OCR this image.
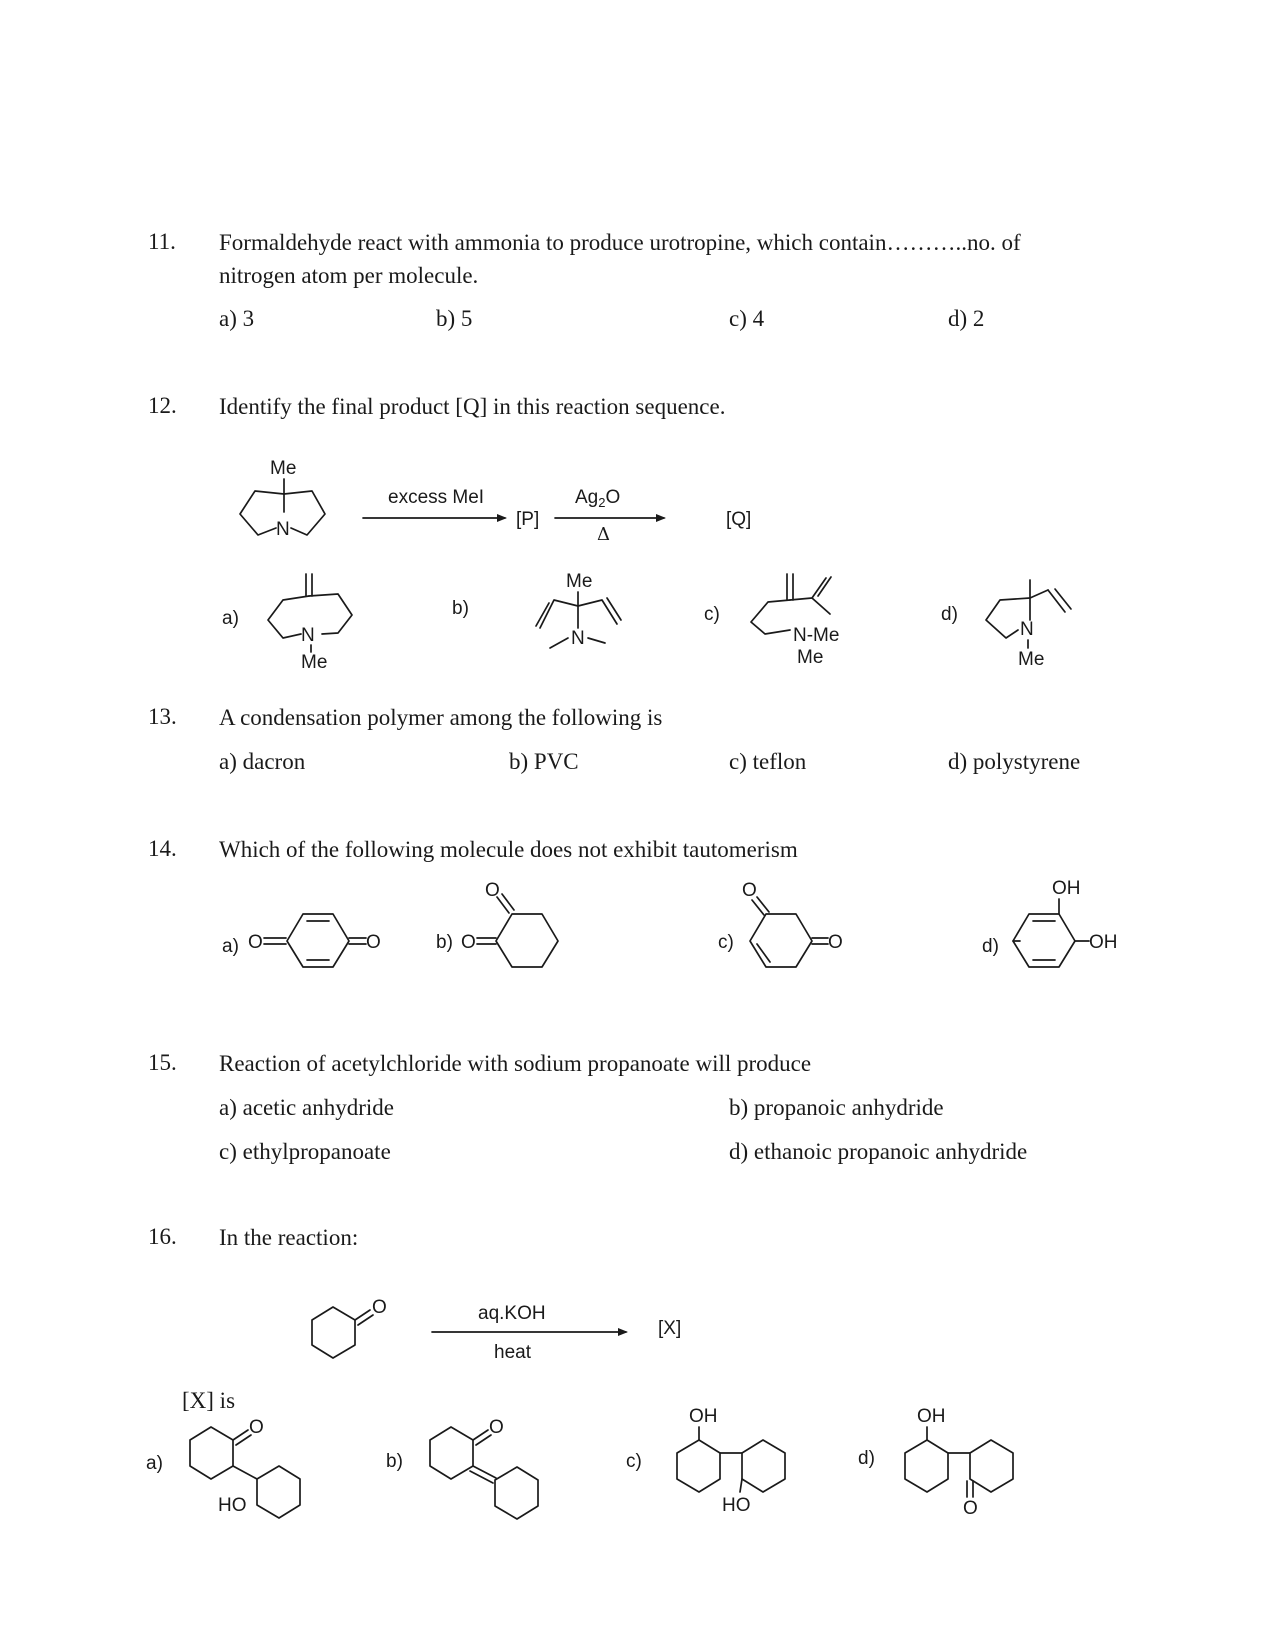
11. Formaldehyde react with ammonia to produce urotropine, which contain………..no. of
nitrogen atom per molecule.
a) 3	b) 5	c) 4	d) 2
12. Identify the final product [Q] in this reaction sequence.
Me
N
excess MeI
[P]
$Ag_2O$
Δ
[Q]
a)	b)	c)	d)
N
Me
Me
N	N-Me
Me
N
Me
13. A condensation polymer among the following is
a) dacron	b) PVC	c) teflon	d) polystyrene
14. Which of the following molecule does not exhibit tautomerism
a)	b)	c)	d)
O	O	O
O	O
O
OH
OH
15. Reaction of acetylchloride with sodium propanoate will produce
a) acetic anhydride	b) propanoic anhydride
c) ethylpropanoate	d) ethanoic propanoic anhydride
16. In the reaction:
[X] is
O	aq.KOH
heat
[X]
a)	b)	c)	d)
O
HO
O
OH
HO
OH
O
